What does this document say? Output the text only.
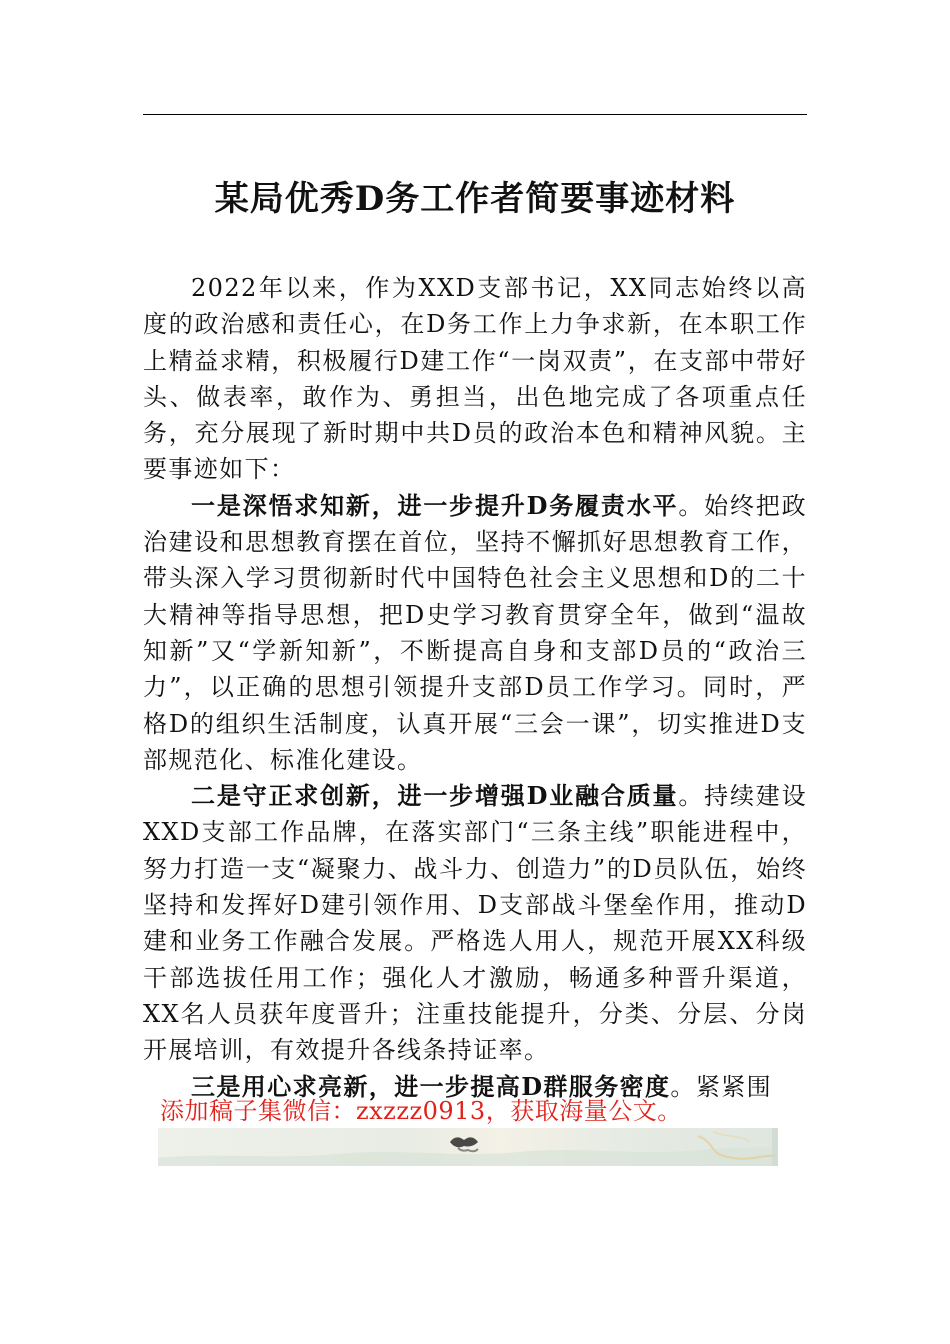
某局优秀D务工作者简要事迹材料

2022年以来，作为XXD支部书记，XX同志始终以高度的政治感和责任心，在D务工作上力争求新，在本职工作上精益求精，积极履行D建工作“一岗双责”，在支部中带好头、做表率，敢作为、勇担当，出色地完成了各项重点任务，充分展现了新时期中共D员的政治本色和精神风貌。主要事迹如下：

一是深悟求知新，进一步提升D务履责水平。始终把政治建设和思想教育摆在首位，坚持不懈抓好思想教育工作，带头深入学习贯彻新时代中国特色社会主义思想和D的二十大精神等指导思想，把D史学习教育贯穿全年，做到“温故知新”又“学新知新”，不断提高自身和支部D员的“政治三力”，以正确的思想引领提升支部D员工作学习。同时，严格D的组织生活制度，认真开展“三会一课”，切实推进D支部规范化、标准化建设。

二是守正求创新，进一步增强D业融合质量。持续建设XXD支部工作品牌，在落实部门“三条主线”职能进程中，努力打造一支“凝聚力、战斗力、创造力”的D员队伍，始终坚持和发挥好D建引领作用、D支部战斗堡垒作用，推动D建和业务工作融合发展。严格选人用人，规范开展XX科级干部选拔任用工作；强化人才激励，畅通多种晋升渠道，XX名人员获年度晋升；注重技能提升，分类、分层、分岗开展培训，有效提升各线条持证率。

三是用心求亮新，进一步提高D群服务密度。紧紧围

添加稿子集微信：zxzzz0913，获取海量公文。
